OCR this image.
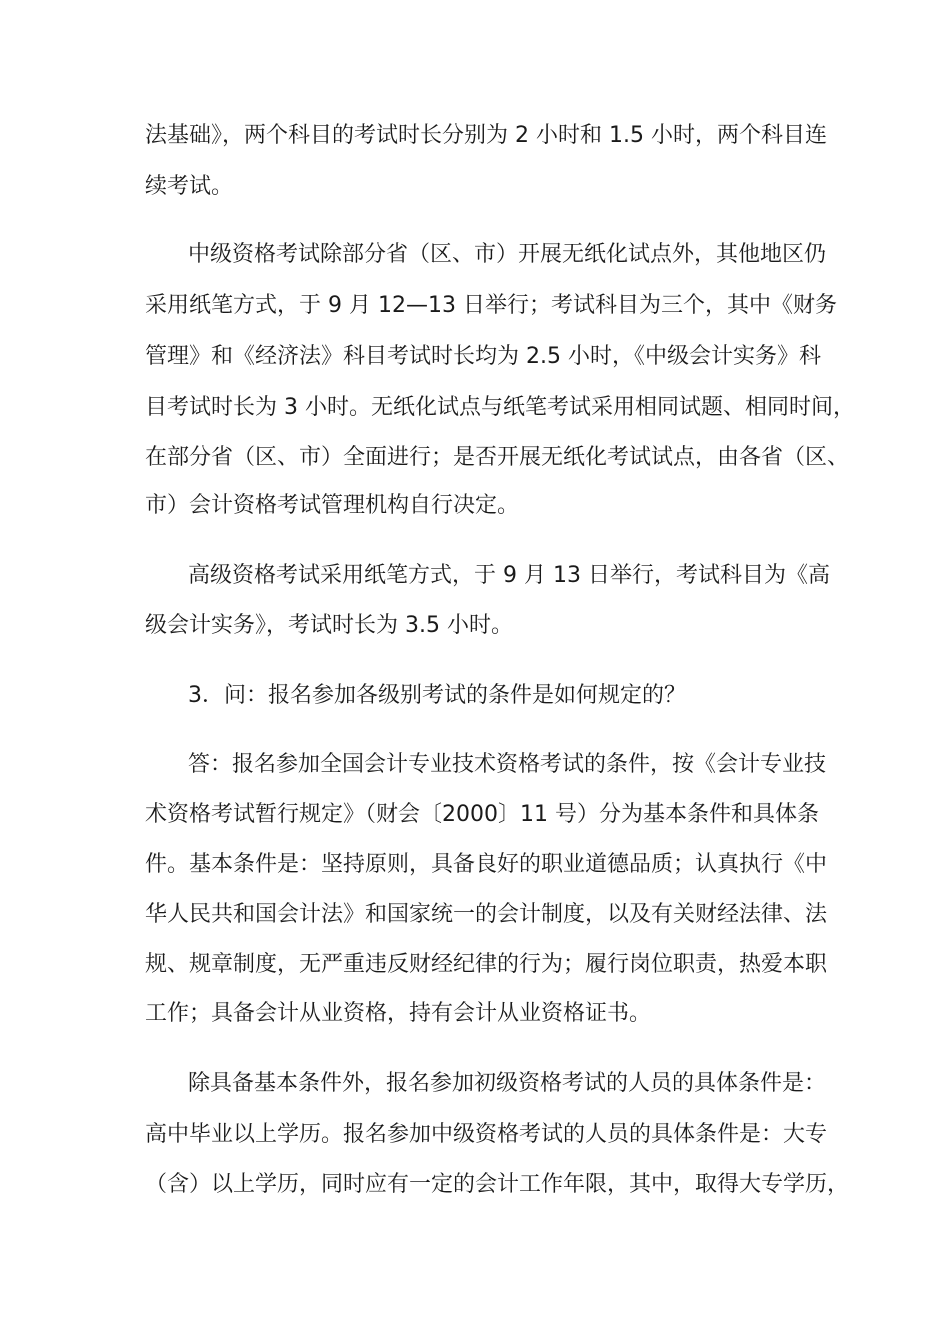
法基础》，两个科目的考试时长分别为 2 小时和 1.5 小时，两个科目连
续考试。
中级资格考试除部分省（区、市）开展无纸化试点外，其他地区仍
采用纸笔方式，于 9 月 12—13 日举行；考试科目为三个，其中《财务
管理》和《经济法》科目考试时长均为 2.5 小时，《中级会计实务》科
目考试时长为 3 小时。无纸化试点与纸笔考试采用相同试题、相同时间，
在部分省（区、市）全面进行；是否开展无纸化考试试点，由各省（区、
市）会计资格考试管理机构自行决定。
高级资格考试采用纸笔方式，于 9 月 13 日举行，考试科目为《高
级会计实务》，考试时长为 3.5 小时。
3．问：报名参加各级别考试的条件是如何规定的？
答：报名参加全国会计专业技术资格考试的条件，按《会计专业技
术资格考试暂行规定》（财会〔2000〕11 号）分为基本条件和具体条
件。基本条件是：坚持原则，具备良好的职业道德品质；认真执行《中
华人民共和国会计法》和国家统一的会计制度，以及有关财经法律、法
规、规章制度，无严重违反财经纪律的行为；履行岗位职责，热爱本职
工作；具备会计从业资格，持有会计从业资格证书。
除具备基本条件外，报名参加初级资格考试的人员的具体条件是：
高中毕业以上学历。报名参加中级资格考试的人员的具体条件是：大专
（含）以上学历，同时应有一定的会计工作年限，其中，取得大专学历，
